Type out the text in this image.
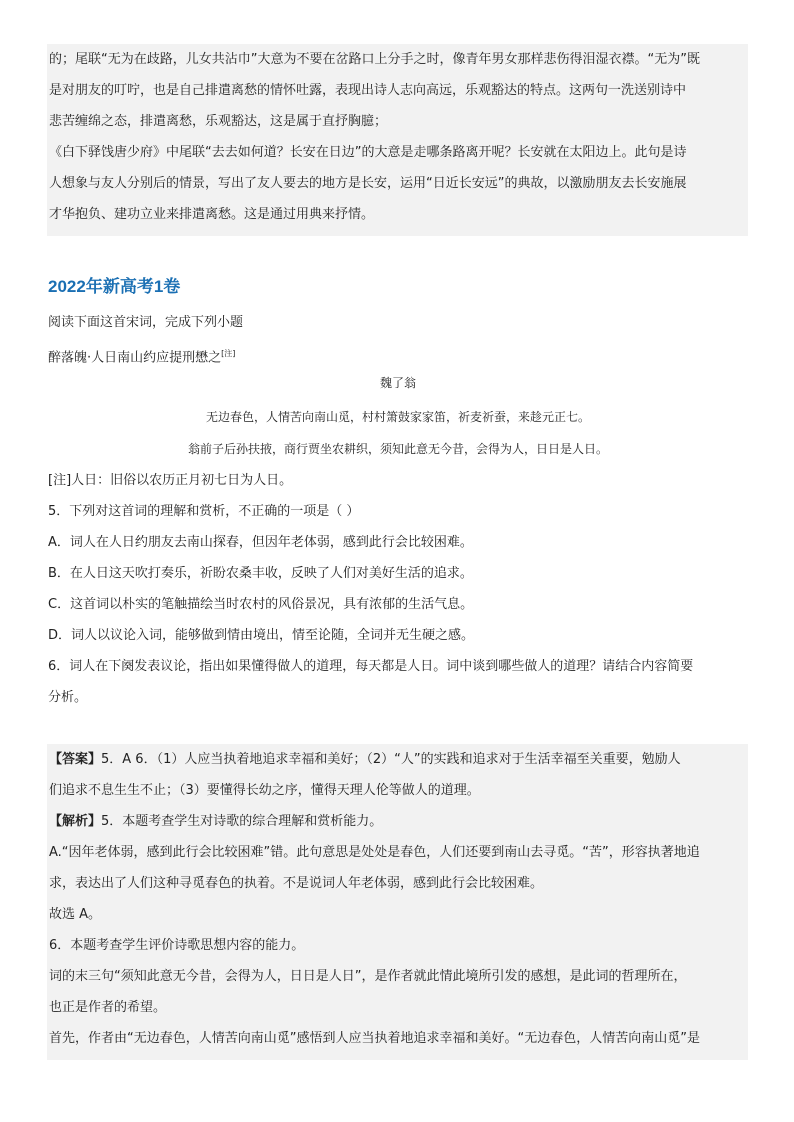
的；尾联“无为在歧路，儿女共沾巾”大意为不要在岔路口上分手之时，像青年男女那样悲伤得泪湿衣襟。“无为”既
是对朋友的叮咛，也是自己排遣离愁的情怀吐露，表现出诗人志向高远，乐观豁达的特点。这两句一洗送别诗中
悲苦缠绵之态，排遣离愁，乐观豁达，这是属于直抒胸臆；
《白下驿饯唐少府》中尾联“去去如何道？长安在日边”的大意是走哪条路离开呢？长安就在太阳边上。此句是诗
人想象与友人分别后的情景，写出了友人要去的地方是长安，运用“日近长安远”的典故，以激励朋友去长安施展
才华抱负、建功立业来排遣离愁。这是通过用典来抒情。
2022年新高考1卷
阅读下面这首宋词，完成下列小题
醉落魄·人日南山约应提刑懋之[注]
魏了翁
无边春色，人情苦向南山觅，村村箫鼓家家笛，祈麦祈蚕，来趁元正七。
翁前子后孙扶掖，商行贾坐农耕织，须知此意无今昔，会得为人，日日是人日。
[注]人日：旧俗以农历正月初七日为人日。
5．下列对这首词的理解和赏析，不正确的一项是（ ）
A．词人在人日约朋友去南山探春，但因年老体弱，感到此行会比较困难。
B．在人日这天吹打奏乐，祈盼农桑丰收，反映了人们对美好生活的追求。
C．这首词以朴实的笔触描绘当时农村的风俗景况，具有浓郁的生活气息。
D．词人以议论入词，能够做到情由境出，情至论随，全词并无生硬之感。
6．词人在下阕发表议论，指出如果懂得做人的道理，每天都是人日。词中谈到哪些做人的道理？请结合内容简要
分析。
【答案】5．A 6．（1）人应当执着地追求幸福和美好；（2）“人”的实践和追求对于生活幸福至关重要，勉励人
们追求不息生生不止；（3）要懂得长幼之序，懂得天理人伦等做人的道理。
【解析】5．本题考查学生对诗歌的综合理解和赏析能力。
A.“因年老体弱，感到此行会比较困难”错。此句意思是处处是春色，人们还要到南山去寻觅。“苦”，形容执著地追
求，表达出了人们这种寻觅春色的执着。不是说词人年老体弱，感到此行会比较困难。
故选 A。
6．本题考查学生评价诗歌思想内容的能力。
词的末三句“须知此意无今昔，会得为人，日日是人日”，是作者就此情此境所引发的感想，是此词的哲理所在，
也正是作者的希望。
首先，作者由“无边春色，人情苦向南山觅”感悟到人应当执着地追求幸福和美好。“无边春色，人情苦向南山觅”是
